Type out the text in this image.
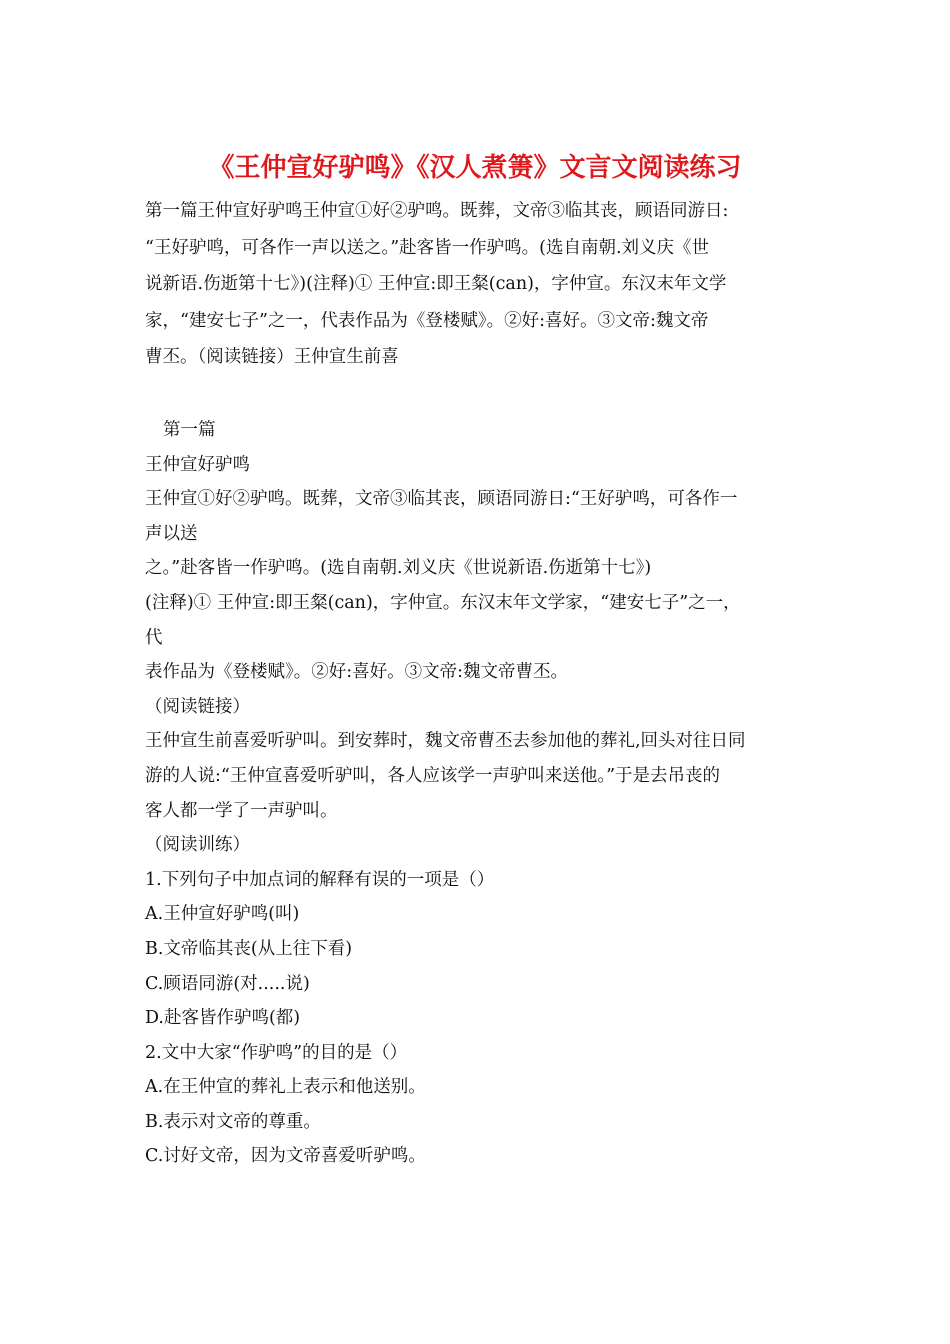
《王仲宣好驴鸣》《汉人煮箦》文言文阅读练习
第一篇王仲宣好驴鸣王仲宣①好②驴鸣。既葬，文帝③临其丧，顾语同游日:
“王好驴鸣，可各作一声以送之。”赴客皆一作驴鸣。(选自南朝.刘义庆《世
说新语.伤逝第十七》)(注释)① 王仲宣:即王粲(can)，字仲宣。东汉末年文学
家，“建安七子”之一，代表作品为《登楼赋》。②好:喜好。③文帝:魏文帝
曹丕。（阅读链接）王仲宣生前喜
第一篇
王仲宣好驴鸣
王仲宣①好②驴鸣。既葬，文帝③临其丧，顾语同游日:“王好驴鸣，可各作一
声以送
之。”赴客皆一作驴鸣。(选自南朝.刘义庆《世说新语.伤逝第十七》)
(注释)① 王仲宣:即王粲(can)，字仲宣。东汉末年文学家，“建安七子”之一，
代
表作品为《登楼赋》。②好:喜好。③文帝:魏文帝曹丕。
（阅读链接）
王仲宣生前喜爱听驴叫。到安葬时，魏文帝曹丕去参加他的葬礼,回头对往日同
游的人说:“王仲宣喜爱听驴叫，各人应该学一声驴叫来送他。”于是去吊丧的
客人都一学了一声驴叫。
（阅读训练）
1.下列句子中加点词的解释有误的一项是（）
A.王仲宣好驴鸣(叫)
B.文帝临其丧(从上往下看)
C.顾语同游(对.....说)
D.赴客皆作驴鸣(都)
2.文中大家“作驴鸣”的目的是（）
A.在王仲宣的葬礼上表示和他送别。
B.表示对文帝的尊重。
C.讨好文帝，因为文帝喜爱听驴鸣。
